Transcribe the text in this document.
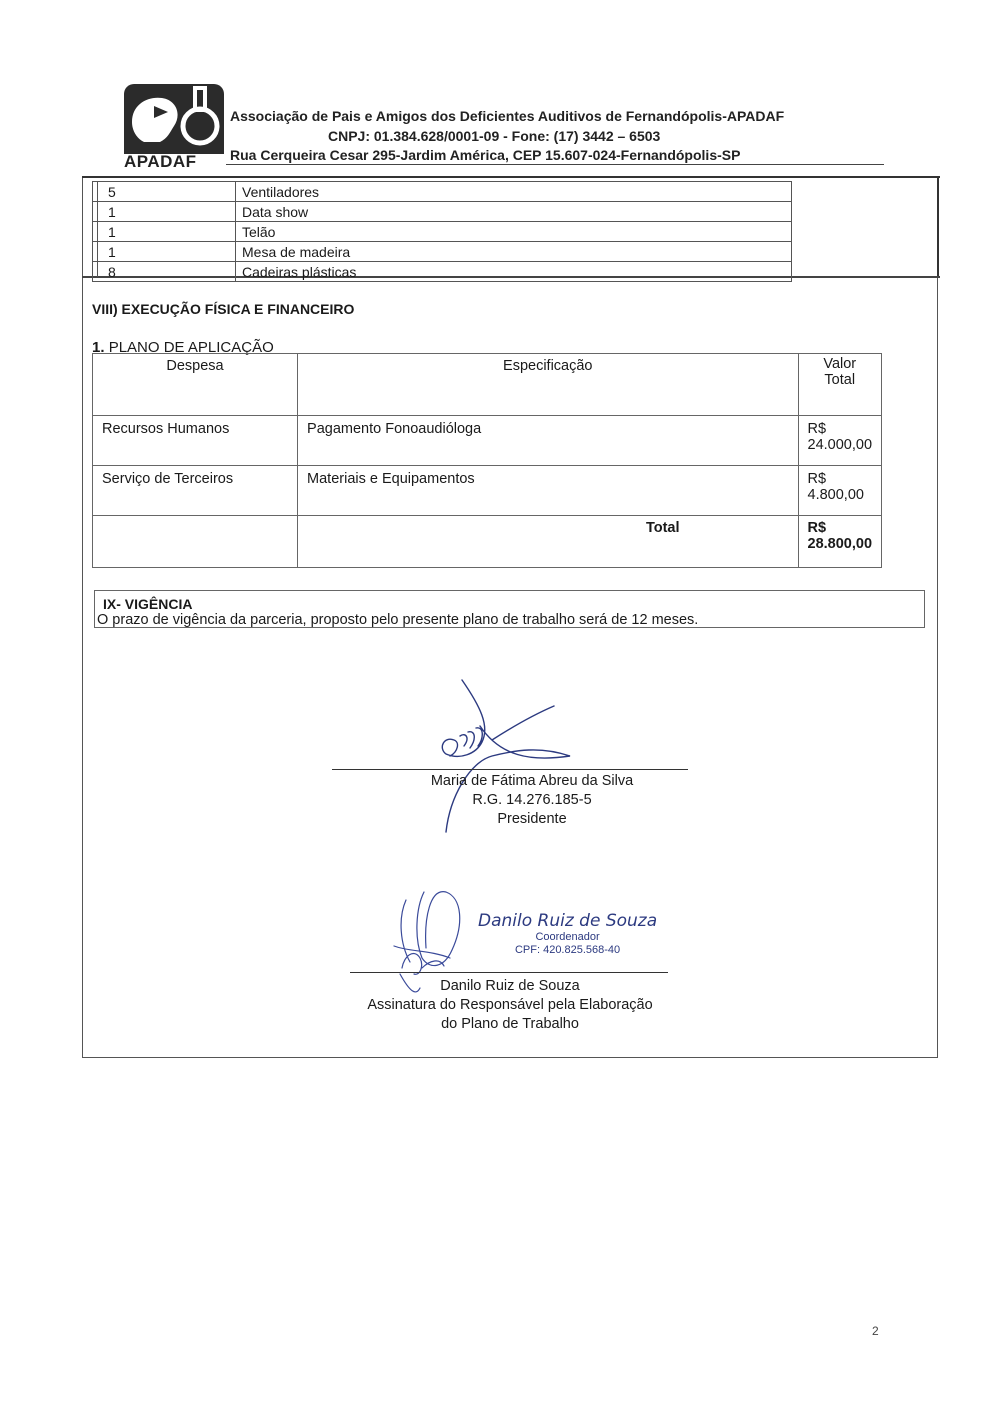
APADAF
Associação de Pais e Amigos dos Deficientes Auditivos de Fernandópolis-APADAF
CNPJ: 01.384.628/0001-09 - Fone: (17) 3442 – 6503
Rua Cerqueira Cesar 295-Jardim América, CEP 15.607-024-Fernandópolis-SP
5	Ventiladores
1	Data show
1	Telão
1	Mesa de madeira
8	Cadeiras plásticas
VIII) EXECUÇÃO FÍSICA E FINANCEIRO
1. PLANO DE APLICAÇÃO
Despesa	Especificação	Valor Total
Recursos Humanos	Pagamento Fonoaudióloga	R$ 24.000,00
Serviço de Terceiros	Materiais e Equipamentos	R$ 4.800,00
	Total	R$ 28.800,00
IX- VIGÊNCIA
O prazo de vigência da parceria, proposto pelo presente plano de trabalho será de 12 meses.
Maria de Fátima Abreu da Silva
R.G. 14.276.185-5
Presidente
Danilo Ruiz de Souza
Coordenador
CPF: 420.825.568-40
Danilo Ruiz de Souza
Assinatura do Responsável pela Elaboração
do Plano de Trabalho
2
